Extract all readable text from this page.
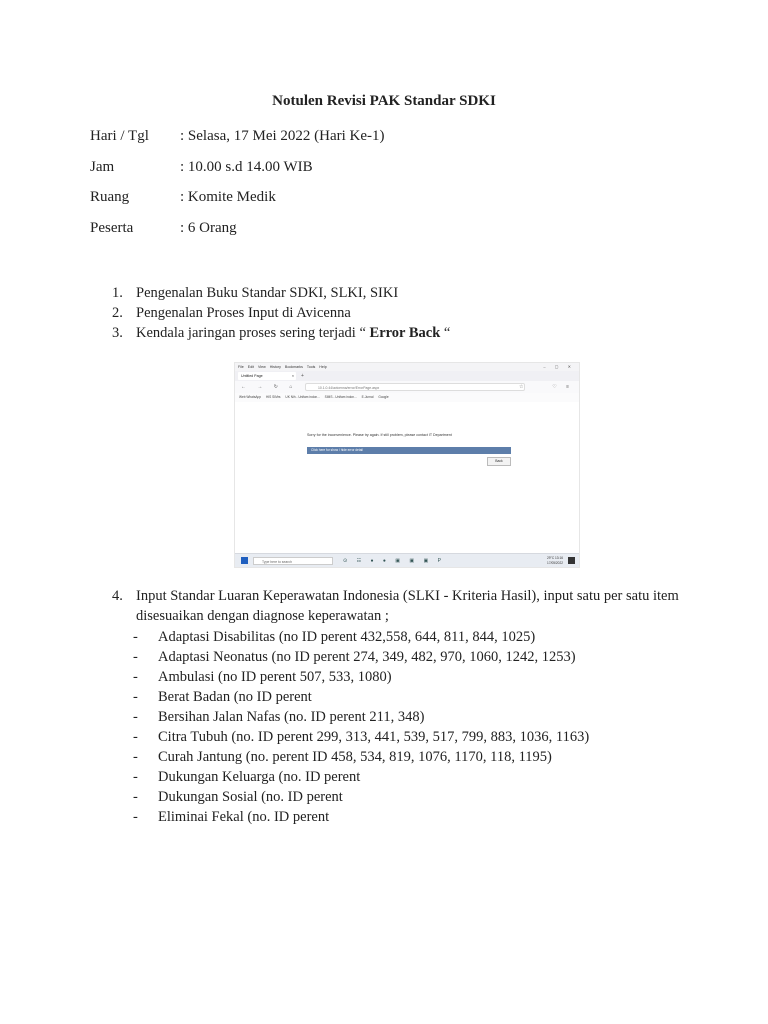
Notulen Revisi PAK Standar SDKI
Hari / Tgl : Selasa, 17 Mei 2022 (Hari Ke-1)
Jam	: 10.00 s.d 14.00 WIB
Ruang	: Komite Medik
Peserta	: 6 Orang
1. Pengenalan Buku Standar SDKI, SLKI, SIKI
2. Pengenalan Proses Input di Avicenna
3. Kendala jaringan proses sering terjadi “ Error Back “
File Edit View History Bookmarks Tools Help	– ▢ ✕
Untitled Page	× +
← → ↻ ⌂	10.1.0.44/avicenna/error/ErrorPage.aspx	☆	♡ ≡
Web WhatsApp HIS SIMrs UK Nih - Unifam indon... SIMS - Unifam indon... E-Jurnal Google
Sorry for the inconvenience. Please try again. If still problem, please contact IT Department
Click here for show / hide error detail
Back
Type here to search	⊙ ☷ ● ● ▣ ▣ ▣ P	29°C 13:16
17/05/2022
4. Input Standar Luaran Keperawatan Indonesia (SLKI - Kriteria Hasil), input satu per satu item disesuaikan dengan diagnose keperawatan ;
- Adaptasi Disabilitas (no ID perent 432,558, 644, 811, 844, 1025)
- Adaptasi Neonatus (no ID perent 274, 349, 482, 970, 1060, 1242, 1253)
- Ambulasi (no ID perent 507, 533, 1080)
- Berat Badan (no ID perent
- Bersihan Jalan Nafas (no. ID perent 211, 348)
- Citra Tubuh (no. ID perent 299, 313, 441, 539, 517, 799, 883, 1036, 1163)
- Curah Jantung (no. perent ID 458, 534, 819, 1076, 1170, 118, 1195)
- Dukungan Keluarga (no. ID perent
- Dukungan Sosial (no. ID perent
- Eliminai Fekal (no. ID perent
